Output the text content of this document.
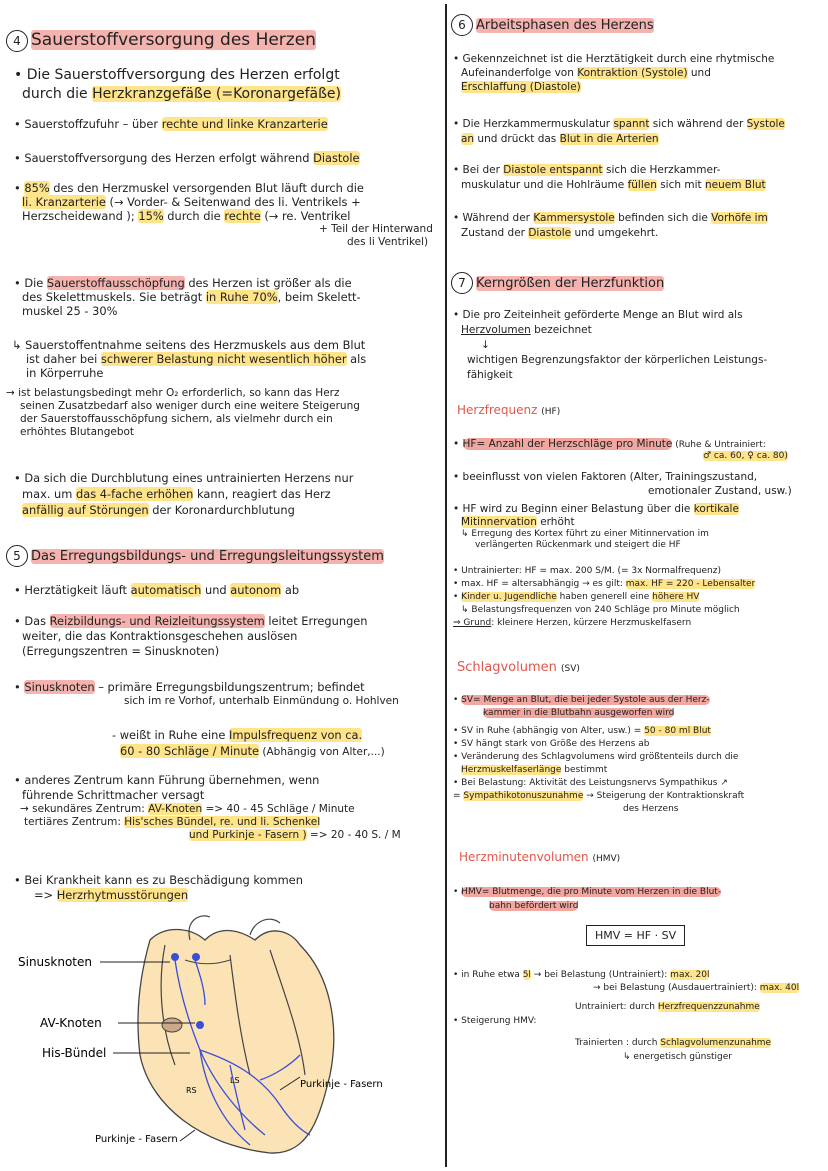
4 Sauerstoffversorgung des Herzen
• Die Sauerstoffversorgung des Herzen erfolgt
durch die Herzkranzgefäße (=Koronargefäße)
• Sauerstoffzufuhr – über rechte und linke Kranzarterie
• Sauerstoffversorgung des Herzen erfolgt während Diastole
• 85% des den Herzmuskel versorgenden Blut läuft durch die
li. Kranzarterie (→ Vorder- & Seitenwand des li. Ventrikels +
Herzscheidewand ); 15% durch die rechte (→ re. Ventrikel
+ Teil der Hinterwand
des li Ventrikel)
• Die Sauerstoffausschöpfung des Herzen ist größer als die
des Skelettmuskels. Sie beträgt in Ruhe 70%, beim Skelett-
muskel 25 - 30%
↳ Sauerstoffentnahme seitens des Herzmuskels aus dem Blut
ist daher bei schwerer Belastung nicht wesentlich höher als
in Körperruhe
→ ist belastungsbedingt mehr O₂ erforderlich, so kann das Herz
seinen Zusatzbedarf also weniger durch eine weitere Steigerung
der Sauerstoffausschöpfung sichern, als vielmehr durch ein
erhöhtes Blutangebot
• Da sich die Durchblutung eines untrainierten Herzens nur
max. um das 4-fache erhöhen kann, reagiert das Herz
anfällig auf Störungen der Koronardurchblutung
5 Das Erregungsbildungs- und Erregungsleitungssystem
• Herztätigkeit läuft automatisch und autonom ab
• Das Reizbildungs- und Reizleitungssystem leitet Erregungen
weiter, die das Kontraktionsgeschehen auslösen
(Erregungszentren = Sinusknoten)
• Sinusknoten – primäre Erregungsbildungszentrum; befindet
sich im re Vorhof, unterhalb Einmündung o. Hohlven
- weißt in Ruhe eine Impulsfrequenz von ca.
60 - 80 Schläge / Minute (Abhängig von Alter,...)
• anderes Zentrum kann Führung übernehmen, wenn
führende Schrittmacher versagt
→ sekundäres Zentrum: AV-Knoten => 40 - 45 Schläge / Minute
tertiäres Zentrum: His'sches Bündel, re. und li. Schenkel
und Purkinje - Fasern ) => 20 - 40 S. / M
• Bei Krankheit kann es zu Beschädigung kommen
=> Herzrhytmusstörungen
Sinusknoten
AV-Knoten
His-Bündel
RS
LS	Purkinje - Fasern
Purkinje - Fasern
6 Arbeitsphasen des Herzens
• Gekennzeichnet ist die Herztätigkeit durch eine rhytmische
Aufeinanderfolge von Kontraktion (Systole) und
Erschlaffung (Diastole)
• Die Herzkammermuskulatur spannt sich während der Systole
an und drückt das Blut in die Arterien
• Bei der Diastole entspannt sich die Herzkammer-
muskulatur und die Hohlräume füllen sich mit neuem Blut
• Während der Kammersystole befinden sich die Vorhöfe im
Zustand der Diastole und umgekehrt.
7 Kerngrößen der Herzfunktion
• Die pro Zeiteinheit geförderte Menge an Blut wird als
Herzvolumen bezeichnet
↓
wichtigen Begrenzungsfaktor der körperlichen Leistungs-
fähigkeit
Herzfrequenz (HF)
• HF= Anzahl der Herzschläge pro Minute (Ruhe & Untrainiert:
♂ ca. 60, ♀ ca. 80)
• beeinflusst von vielen Faktoren (Alter, Trainingszustand,
emotionaler Zustand, usw.)
• HF wird zu Beginn einer Belastung über die kortikale
Mitinnervation erhöht
↳ Erregung des Kortex führt zu einer Mitinnervation im
verlängerten Rückenmark und steigert die HF
• Untrainierter: HF = max. 200 S/M. (= 3x Normalfrequenz)
• max. HF = altersabhängig → es gilt: max. HF = 220 - Lebensalter
• Kinder u. Jugendliche haben generell eine höhere HV
↳ Belastungsfrequenzen von 240 Schläge pro Minute möglich
⇒ Grund: kleinere Herzen, kürzere Herzmuskelfasern
Schlagvolumen (SV)
• SV= Menge an Blut, die bei jeder Systole aus der Herz-
kammer in die Blutbahn ausgeworfen wird
• SV in Ruhe (abhängig von Alter, usw.) = 50 - 80 ml Blut
• SV hängt stark von Größe des Herzens ab
• Veränderung des Schlagvolumens wird größtenteils durch die
Herzmuskelfaserlänge bestimmt
• Bei Belastung: Aktivität des Leistungsnervs Sympathikus ↗
= Sympathikotonuszunahme → Steigerung der Kontraktionskraft
des Herzens
Herzminutenvolumen (HMV)
• HMV= Blutmenge, die pro Minute vom Herzen in die Blut-
bahn befördert wird
HMV = HF · SV
• in Ruhe etwa 5l → bei Belastung (Untrainiert): max. 20l
→ bei Belastung (Ausdauertrainiert): max. 40l
Untrainiert: durch Herzfrequenzzunahme
• Steigerung HMV:
Trainierten : durch Schlagvolumenzunahme
↳ energetisch günstiger
